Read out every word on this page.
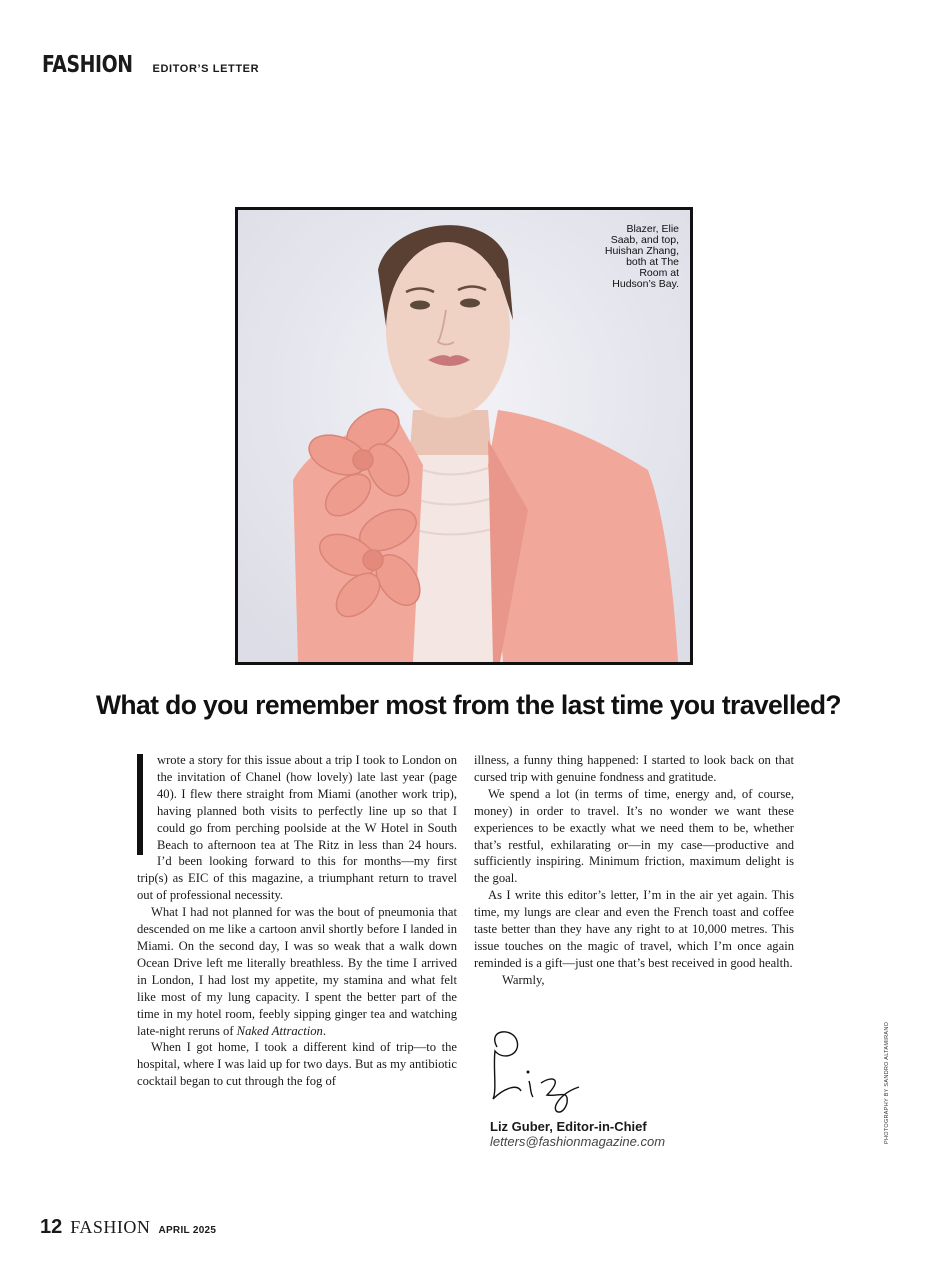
FASHION EDITOR’S LETTER
Blazer, Elie Saab, and top, Huishan Zhang, both at The Room at Hudson’s Bay.
What do you remember most from the last time you travelled?

wrote a story for this issue about a trip I took to London on the invitation of Chanel (how lovely) late last year (page 40). I flew there straight from Miami (another work trip), having planned both visits to perfectly line up so that I could go from perching poolside at the W Hotel in South Beach to afternoon tea at The Ritz in less than 24 hours. I’d been looking forward to this for months—my first trip(s) as EIC of this magazine, a triumphant return to travel out of professional necessity.

What I had not planned for was the bout of pneumonia that descended on me like a cartoon anvil shortly before I landed in Miami. On the second day, I was so weak that a walk down Ocean Drive left me literally breathless. By the time I arrived in London, I had lost my appetite, my stamina and what felt like most of my lung capacity. I spent the better part of the time in my hotel room, feebly sipping ginger tea and watching late-night reruns of Naked Attraction.

When I got home, I took a different kind of trip—to the hospital, where I was laid up for two days. But as my antibiotic cocktail began to cut through the fog of

illness, a funny thing happened: I started to look back on that cursed trip with genuine fondness and gratitude.

We spend a lot (in terms of time, energy and, of course, money) in order to travel. It’s no wonder we want these experiences to be exactly what we need them to be, whether that’s restful, exhilarating or—in my case—productive and sufficiently inspiring. Minimum friction, maximum delight is the goal.

As I write this editor’s letter, I’m in the air yet again. This time, my lungs are clear and even the French toast and coffee taste better than they have any right to at 10,000 metres. This issue touches on the magic of travel, which I’m once again reminded is a gift—just one that’s best received in good health.

Warmly,

Liz Guber, Editor-in-Chief
letters@fashionmagazine.com	PHOTOGRAPHY BY SANDRO ALTAMIRANO
12 FASHION APRIL 2025
